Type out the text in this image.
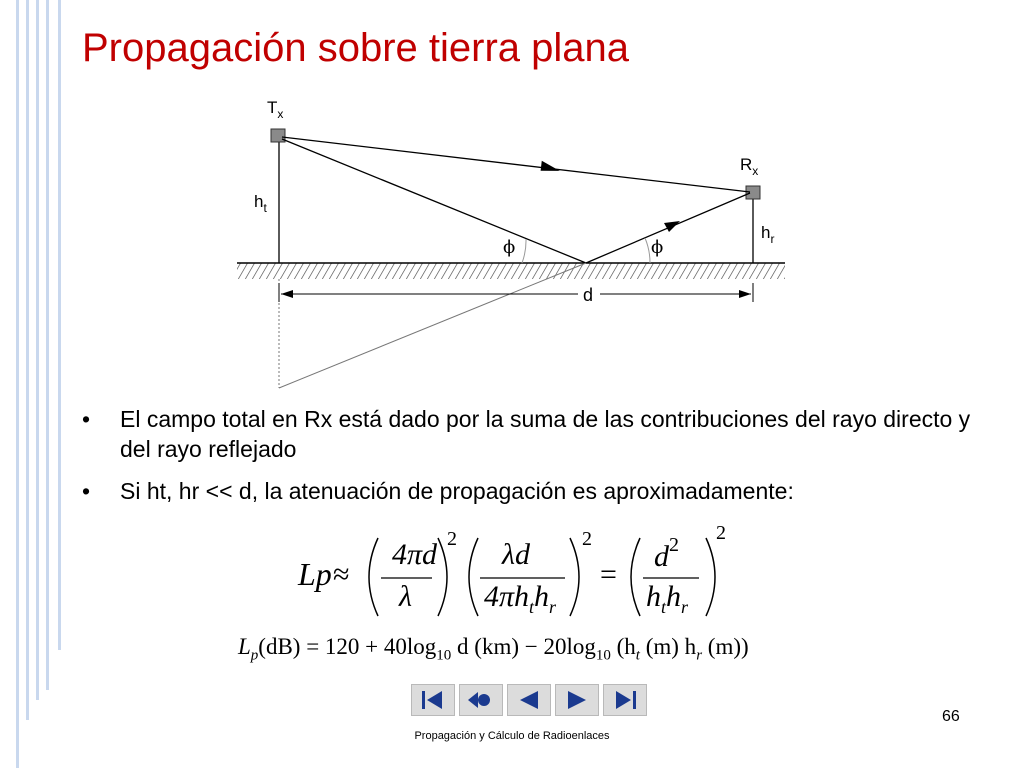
Propagación sobre tierra plana
$T_x$
$R_x$
$h_t$
$h_r$
ϕ	ϕ
d
• El campo total en Rx está dado por la suma de las contribuciones del rayo directo y del rayo reflejado
• Si ht, hr << d, la atenuación de propagación es aproximadamente:
Lp ≈
4πd
λ
2 λd
$4\pi h_th_r$
2
=
$d^2$
$h_th_r$
2
$L_p(dB) = 120 + 40\log_{10}$ d $(km) - 20\log_{10}$ ($h_t$ (m) $h_r$ (m))
66
Propagación y Cálculo de Radioenlaces
